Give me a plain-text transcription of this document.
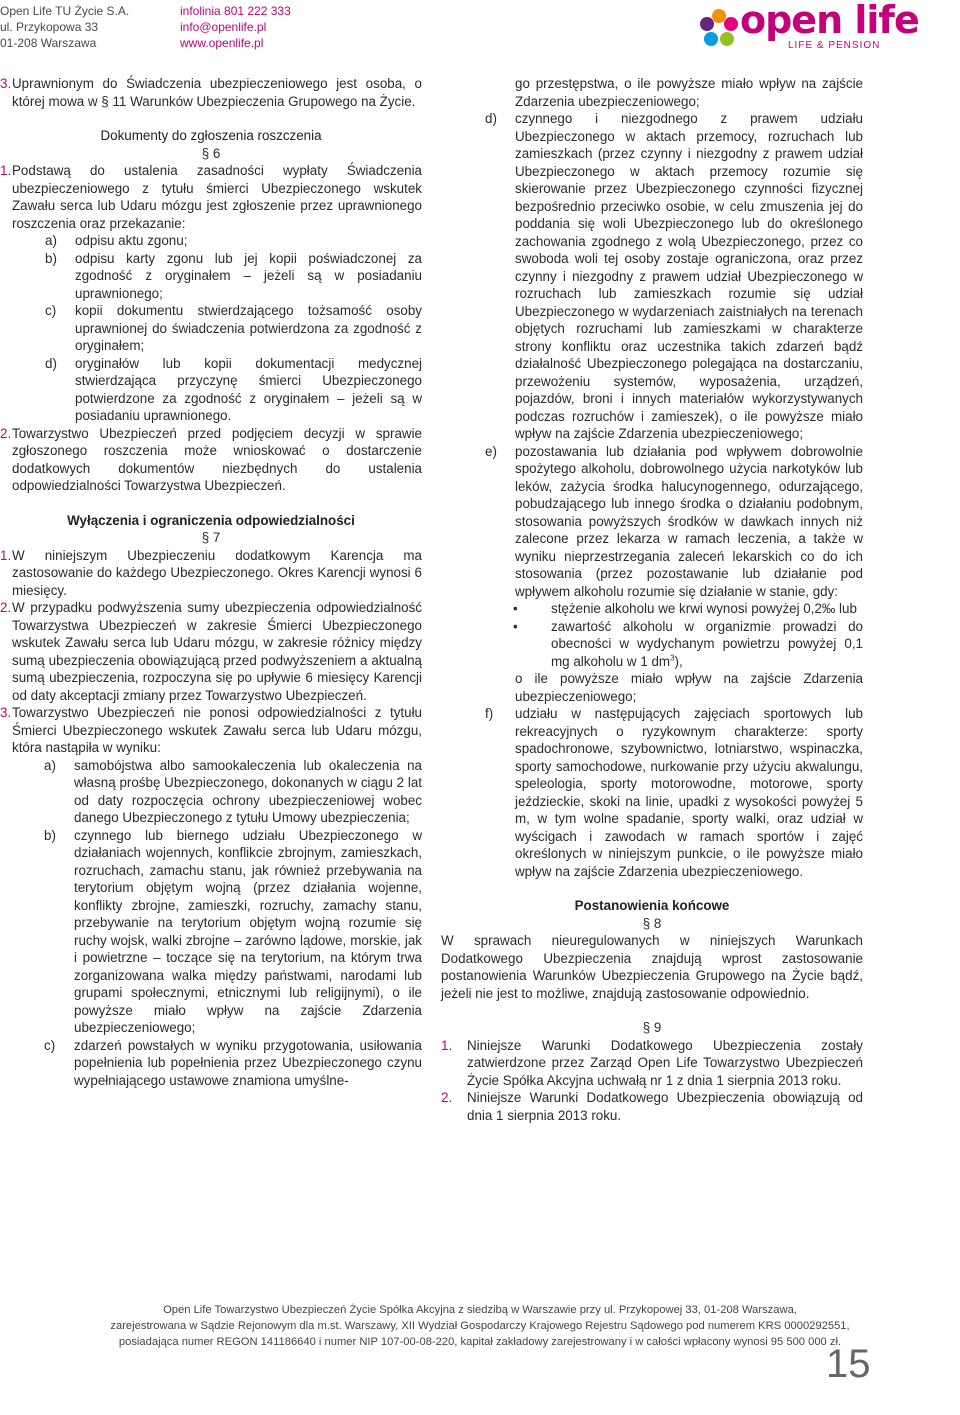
Open Life TU Życie S.A.
ul. Przykopowa 33
01-208 Warszawa
infolinia 801 222 333
info@openlife.pl
www.openlife.pl
open life
LIFE & PENSION
3. Uprawnionym do Świadczenia ubezpieczeniowego jest osoba, o której mowa w § 11 Warunków Ubezpieczenia Grupowego na Życie.
Dokumenty do zgłoszenia roszczenia
§ 6
1. Podstawą do ustalenia zasadności wypłaty Świadczenia ubezpieczeniowego z tytułu śmierci Ubezpieczonego wskutek Zawału serca lub Udaru mózgu jest zgłoszenie przez uprawnionego roszczenia oraz przekazanie:
a) odpisu aktu zgonu;
b) odpisu karty zgonu lub jej kopii poświadczonej za zgodność z oryginałem – jeżeli są w posiadaniu uprawnionego;
c) kopii dokumentu stwierdzającego tożsamość osoby uprawnionej do świadczenia potwierdzona za zgodność z oryginałem;
d) oryginałów lub kopii dokumentacji medycznej stwierdzająca przyczynę śmierci Ubezpieczonego potwierdzone za zgodność z oryginałem – jeżeli są w posiadaniu uprawnionego.
2. Towarzystwo Ubezpieczeń przed podjęciem decyzji w sprawie zgłoszonego roszczenia może wnioskować o dostarczenie dodatkowych dokumentów niezbędnych do ustalenia odpowiedzialności Towarzystwa Ubezpieczeń.
Wyłączenia i ograniczenia odpowiedzialności
§ 7
1. W niniejszym Ubezpieczeniu dodatkowym Karencja ma zastosowanie do każdego Ubezpieczonego. Okres Karencji wynosi 6 miesięcy.
2. W przypadku podwyższenia sumy ubezpieczenia odpowiedzialność Towarzystwa Ubezpieczeń w zakresie Śmierci Ubezpieczonego wskutek Zawału serca lub Udaru mózgu, w zakresie różnicy między sumą ubezpieczenia obowiązującą przed podwyższeniem a aktualną sumą ubezpieczenia, rozpoczyna się po upływie 6 miesięcy Karencji od daty akceptacji zmiany przez Towarzystwo Ubezpieczeń.
3. Towarzystwo Ubezpieczeń nie ponosi odpowiedzialności z tytułu Śmierci Ubezpieczonego wskutek Zawału serca lub Udaru mózgu, która nastąpiła w wyniku:
a) samobójstwa albo samookaleczenia lub okaleczenia na własną prośbę Ubezpieczonego, dokonanych w ciągu 2 lat od daty rozpoczęcia ochrony ubezpieczeniowej wobec danego Ubezpieczonego z tytułu Umowy ubezpieczenia;
b) czynnego lub biernego udziału Ubezpieczonego w działaniach wojennych, konflikcie zbrojnym, zamieszkach, rozruchach, zamachu stanu, jak również przebywania na terytorium objętym wojną (przez działania wojenne, konflikty zbrojne, zamieszki, rozruchy, zamachy stanu, przebywanie na terytorium objętym wojną rozumie się ruchy wojsk, walki zbrojne – zarówno lądowe, morskie, jak i powietrzne – toczące się na terytorium, na którym trwa zorganizowana walka między państwami, narodami lub grupami społecznymi, etnicznymi lub religijnymi), o ile powyższe miało wpływ na zajście Zdarzenia ubezpieczeniowego;
c) zdarzeń powstałych w wyniku przygotowania, usiłowania popełnienia lub popełnienia przez Ubezpieczonego czynu wypełniającego ustawowe znamiona umyślne-
go przestępstwa, o ile powyższe miało wpływ na zajście Zdarzenia ubezpieczeniowego;
d) czynnego i niezgodnego z prawem udziału Ubezpieczonego w aktach przemocy, rozruchach lub zamieszkach (przez czynny i niezgodny z prawem udział Ubezpieczonego w aktach przemocy rozumie się skierowanie przez Ubezpieczonego czynności fizycznej bezpośrednio przeciwko osobie, w celu zmuszenia jej do poddania się woli Ubezpieczonego lub do określonego zachowania zgodnego z wolą Ubezpieczonego, przez co swoboda woli tej osoby zostaje ograniczona, oraz przez czynny i niezgodny z prawem udział Ubezpieczonego w rozruchach lub zamieszkach rozumie się udział Ubezpieczonego w wydarzeniach zaistniałych na terenach objętych rozruchami lub zamieszkami w charakterze strony konfliktu oraz uczestnika takich zdarzeń bądź działalność Ubezpieczonego polegająca na dostarczaniu, przewożeniu systemów, wyposażenia, urządzeń, pojazdów, broni i innych materiałów wykorzystywanych podczas rozruchów i zamieszek), o ile powyższe miało wpływ na zajście Zdarzenia ubezpieczeniowego;
e) pozostawania lub działania pod wpływem dobrowolnie spożytego alkoholu, dobrowolnego użycia narkotyków lub leków, zażycia środka halucynogennego, odurzającego, pobudzającego lub innego środka o działaniu podobnym, stosowania powyższych środków w dawkach innych niż zalecone przez lekarza w ramach leczenia, a także w wyniku nieprzestrzegania zaleceń lekarskich co do ich stosowania (przez pozostawanie lub działanie pod wpływem alkoholu rozumie się działanie w stanie, gdy:
• stężenie alkoholu we krwi wynosi powyżej 0,2‰ lub
• zawartość alkoholu w organizmie prowadzi do obecności w wydychanym powietrzu powyżej 0,1 mg alkoholu w 1 $dm^3$),
o ile powyższe miało wpływ na zajście Zdarzenia ubezpieczeniowego;
f) udziału w następujących zajęciach sportowych lub rekreacyjnych o ryzykownym charakterze: sporty spadochronowe, szybownictwo, lotniarstwo, wspinaczka, sporty samochodowe, nurkowanie przy użyciu akwalungu, speleologia, sporty motorowodne, motorowe, sporty jeździeckie, skoki na linie, upadki z wysokości powyżej 5 m, w tym wolne spadanie, sporty walki, oraz udział w wyścigach i zawodach w ramach sportów i zajęć określonych w niniejszym punkcie, o ile powyższe miało wpływ na zajście Zdarzenia ubezpieczeniowego.
Postanowienia końcowe
§ 8
W sprawach nieuregulowanych w niniejszych Warunkach Dodatkowego Ubezpieczenia znajdują wprost zastosowanie postanowienia Warunków Ubezpieczenia Grupowego na Życie bądź, jeżeli nie jest to możliwe, znajdują zastosowanie odpowiednio.
§ 9
1. Niniejsze Warunki Dodatkowego Ubezpieczenia zostały zatwierdzone przez Zarząd Open Life Towarzystwo Ubezpieczeń Życie Spółka Akcyjna uchwałą nr 1 z dnia 1 sierpnia 2013 roku.
2. Niniejsze Warunki Dodatkowego Ubezpieczenia obowiązują od dnia 1 sierpnia 2013 roku.
Open Life Towarzystwo Ubezpieczeń Życie Spółka Akcyjna z siedzibą w Warszawie przy ul. Przykopowej 33, 01-208 Warszawa,
zarejestrowana w Sądzie Rejonowym dla m.st. Warszawy, XII Wydział Gospodarczy Krajowego Rejestru Sądowego pod numerem KRS 0000292551,
posiadająca numer REGON 141186640 i numer NIP 107-00-08-220, kapitał zakładowy zarejestrowany i w całości wpłacony wynosi 95 500 000 zł.
15
